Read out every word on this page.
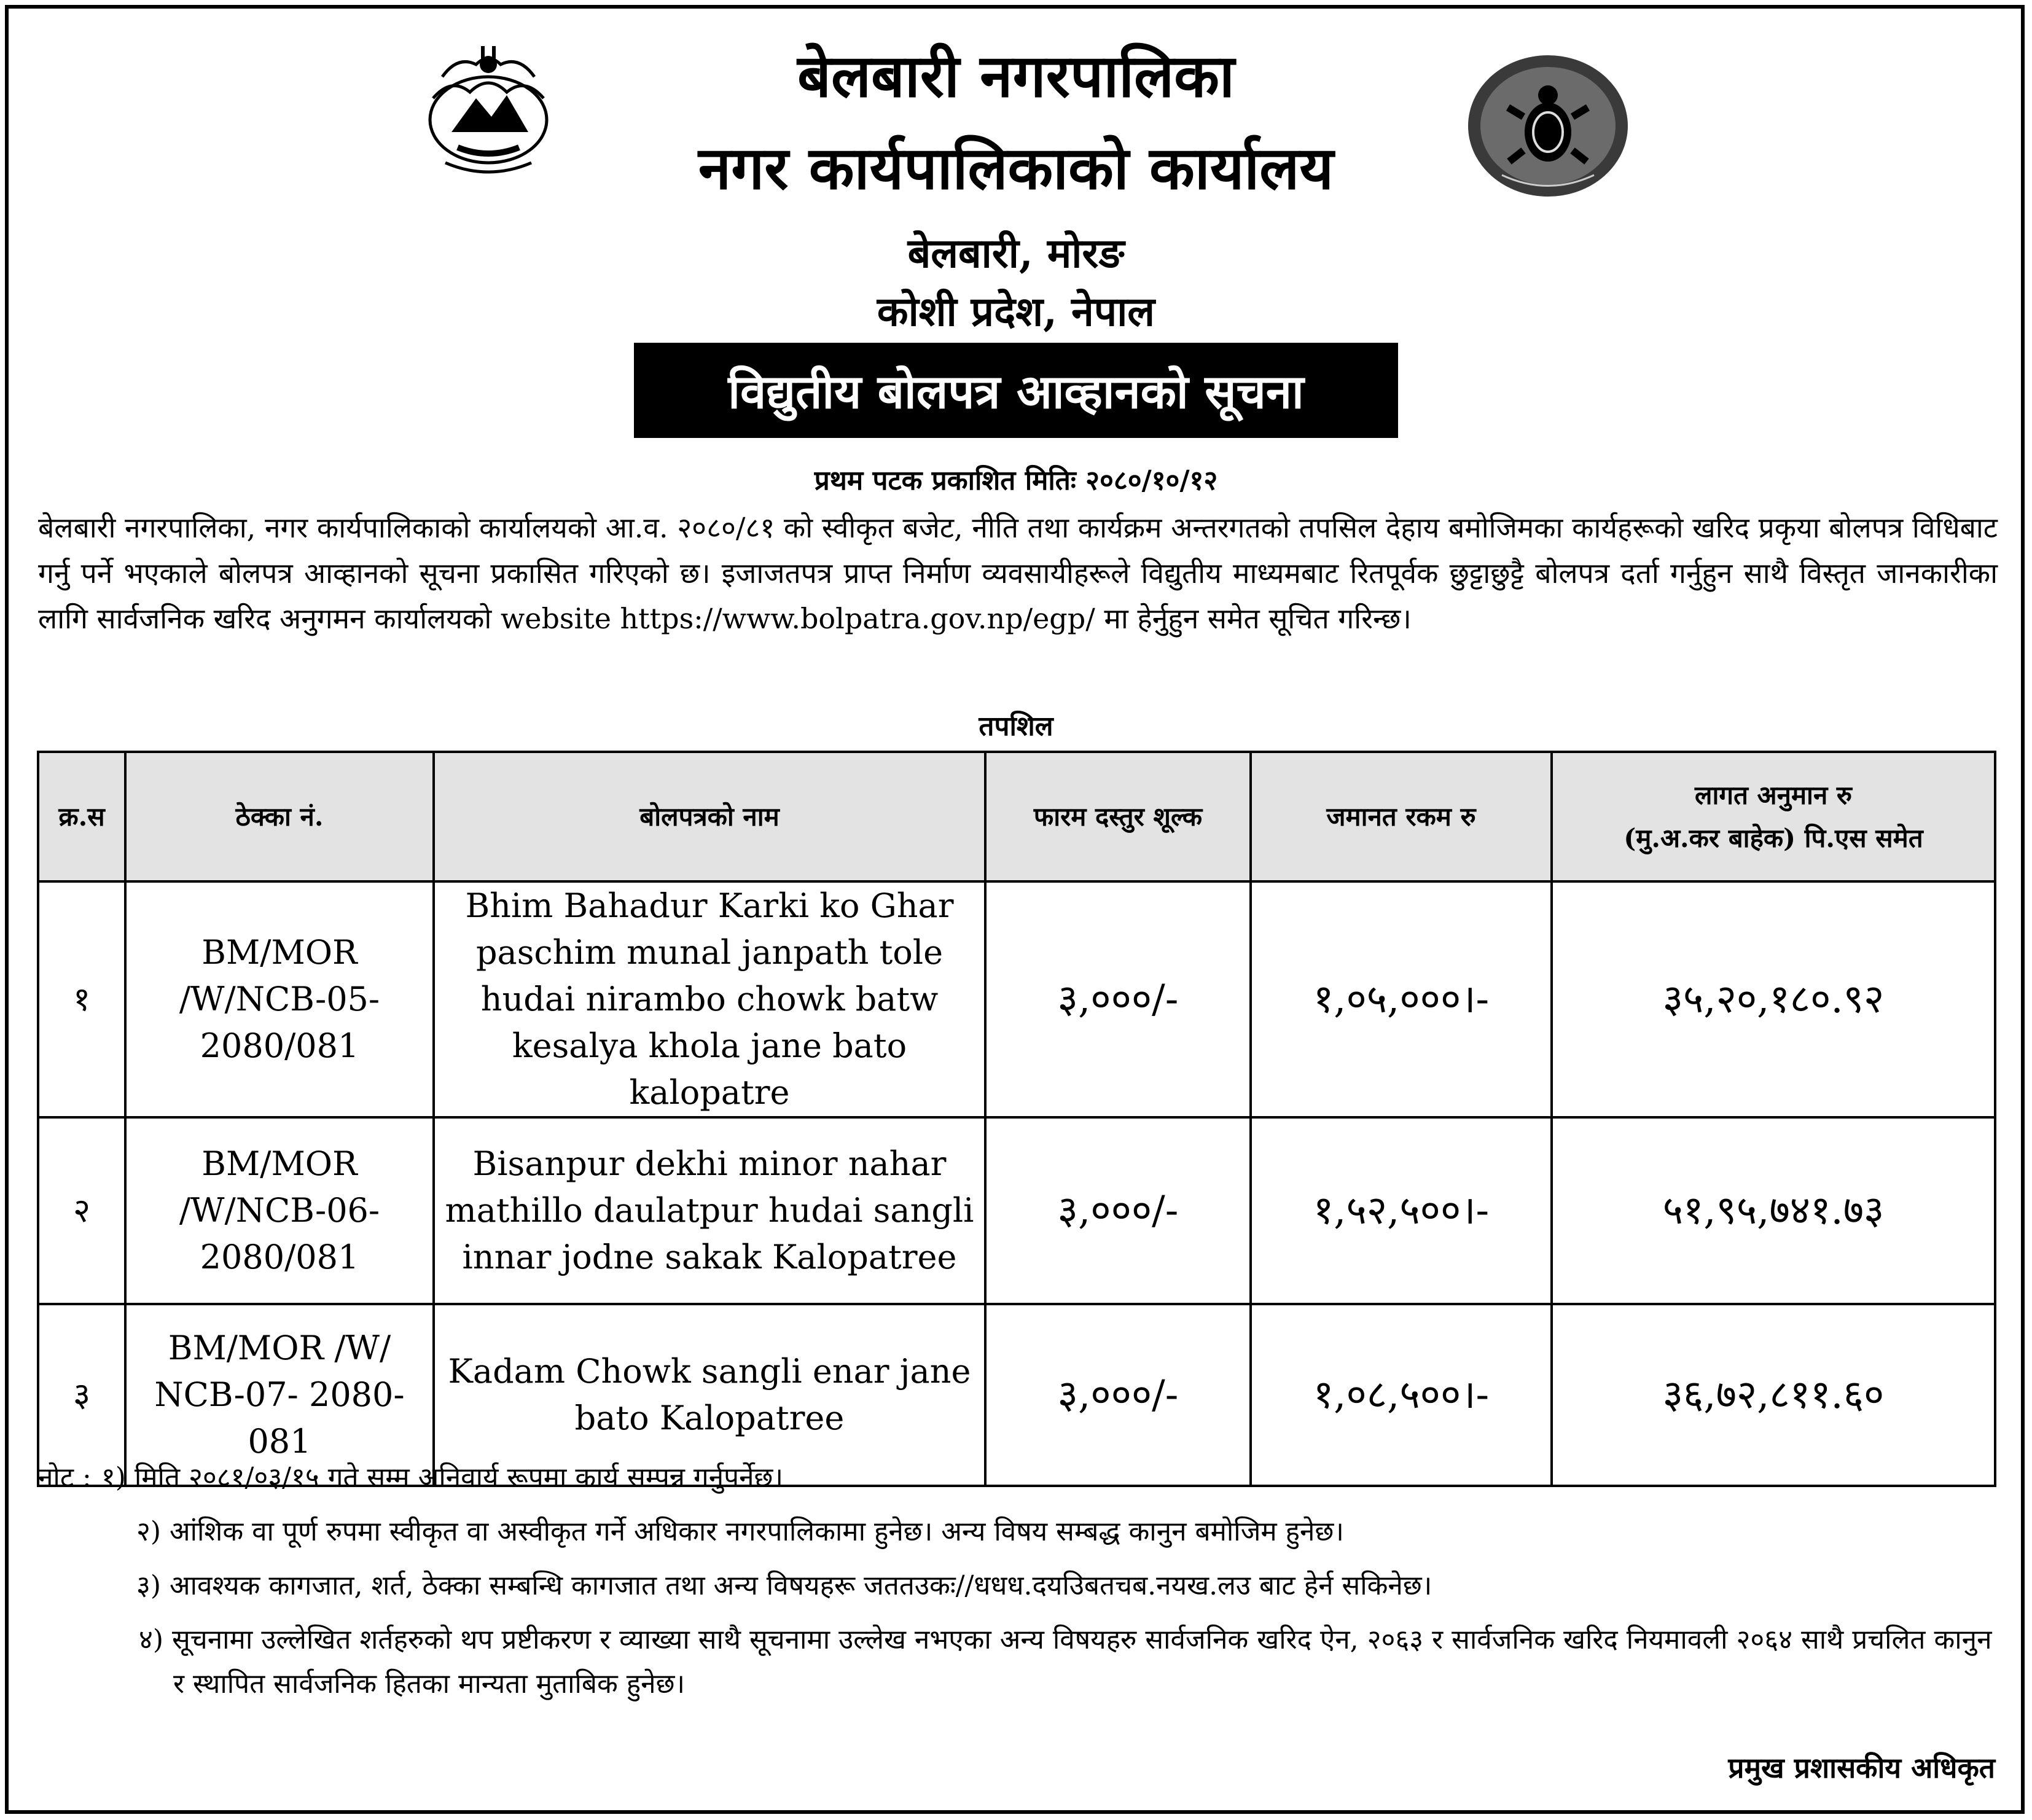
बेलबारी नगरपालिका
नगर कार्यपालिकाको कार्यालय
बेलबारी, मोरङ
कोशी प्रदेश, नेपाल
विद्युतीय बोलपत्र आव्हानको सूचना
प्रथम पटक प्रकाशित मितिः २०८०/१०/१२

बेलबारी नगरपालिका, नगर कार्यपालिकाको कार्यालयको आ.व. २०८०/८१ को स्वीकृत बजेट, नीति तथा कार्यक्रम अन्तरगतको तपसिल देहाय बमोजिमका कार्यहरूको खरिद प्रकृया बोलपत्र विधिबाट गर्नु पर्ने भएकाले बोलपत्र आव्हानको सूचना प्रकासित गरिएको छ। इजाजतपत्र प्राप्त निर्माण व्यवसायीहरूले विद्युतीय माध्यमबाट रितपूर्वक छुट्टाछुट्टै बोलपत्र दर्ता गर्नुहुन साथै विस्तृत जानकारीका लागि सार्वजनिक खरिद अनुगमन कार्यालयको website https://www.bolpatra.gov.np/egp/ मा हेर्नुहुन समेत सूचित गरिन्छ।

तपशिल
क्र.स	ठेक्का नं.	बोलपत्रको नाम	फारम दस्तुर शूल्क	जमानत रकम रु	लागत अनुमान रु
(मु.अ.कर बाहेक) पि.एस समेत

१	BM/MOR /W/NCB-05- 2080/081	Bhim Bahadur Karki ko Ghar paschim munal janpath tole hudai nirambo chowk batw kesalya khola jane bato kalopatre	३,०००/-	१,०५,०००।-	३५,२०,१८०.९२
२	BM/MOR /W/NCB-06- 2080/081	Bisanpur dekhi minor nahar mathillo daulatpur hudai sangli innar jodne sakak Kalopatree	३,०००/-	१,५२,५००।-	५१,९५,७४१.७३
३	BM/MOR /W/ NCB-07- 2080-081	Kadam Chowk sangli enar jane bato Kalopatree	३,०००/-	१,०८,५००।-	३६,७२,८११.६०
नोट : १) मिति २०८१/०३/१५ गते सम्म अनिवार्य रूपमा कार्य सम्पन्न गर्नुपर्नेछ।
२) आंशिक वा पूर्ण रुपमा स्वीकृत वा अस्वीकृत गर्ने अधिकार नगरपालिकामा हुनेछ। अन्य विषय सम्बद्ध कानुन बमोजिम हुनेछ।
३) आवश्यक कागजात, शर्त, ठेक्का सम्बन्धि कागजात तथा अन्य विषयहरू जततउकः//धधध.दयउिबतचब.नयख.लउ बाट हेर्न सकिनेछ।
४) सूचनामा उल्लेखित शर्तहरुको थप प्रष्टीकरण र व्याख्या साथै सूचनामा उल्लेख नभएका अन्य विषयहरु सार्वजनिक खरिद ऐन, २०६३ र सार्वजनिक खरिद नियमावली २०६४ साथै प्रचलित कानुन र स्थापित सार्वजनिक हितका मान्यता मुताबिक हुनेछ।
प्रमुख प्रशासकीय अधिकृत
